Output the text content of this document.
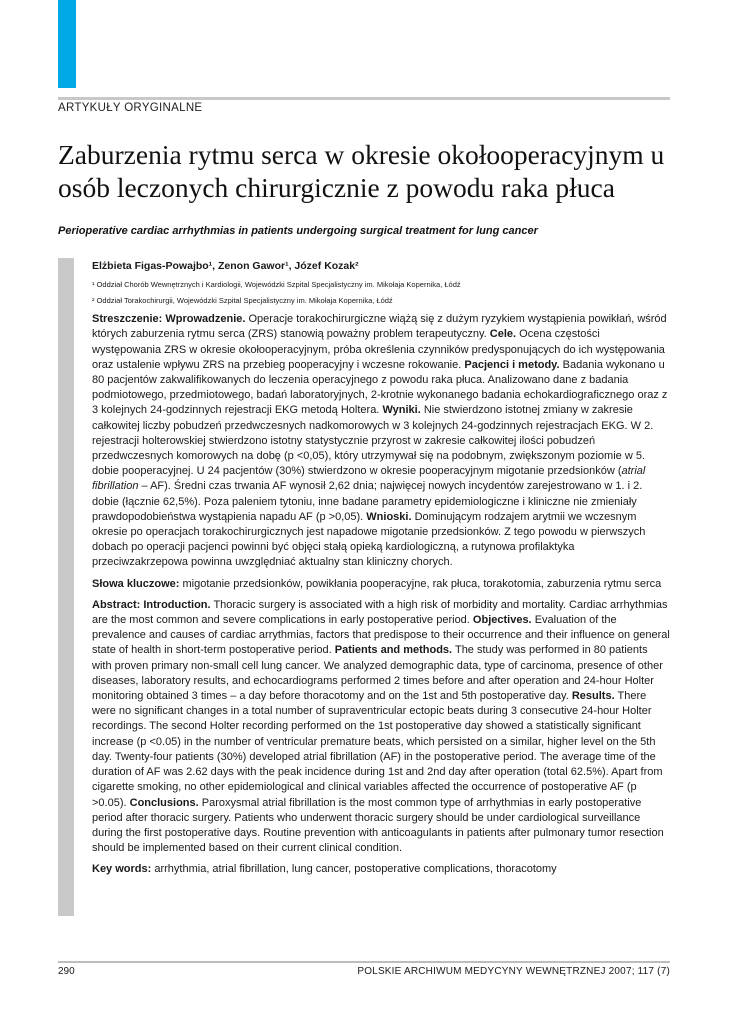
ARTYKUŁY ORYGINALNE
Zaburzenia rytmu serca w okresie okołooperacyjnym u osób leczonych chirurgicznie z powodu raka płuca
Perioperative cardiac arrhythmias in patients undergoing surgical treatment for lung cancer

Elżbieta Figas-Powajbo¹, Zenon Gawor¹, Józef Kozak²

¹ Oddział Chorób Wewnętrznych i Kardiologii, Wojewódzki Szpital Specjalistyczny im. Mikołaja Kopernika, Łódź

² Oddział Torakochirurgii, Wojewódzki Szpital Specjalistyczny im. Mikołaja Kopernika, Łódź

Streszczenie: Wprowadzenie. Operacje torakochirurgiczne wiążą się z dużym ryzykiem wystąpienia powikłań, wśród których zaburzenia rytmu serca (ZRS) stanowią poważny problem terapeutyczny. Cele. Ocena częstości występowania ZRS w okresie okołooperacyjnym, próba określenia czynników predysponujących do ich występowania oraz ustalenie wpływu ZRS na przebieg pooperacyjny i wczesne rokowanie. Pacjenci i metody. Badania wykonano u 80 pacjentów zakwalifikowanych do leczenia operacyjnego z powodu raka płuca. Analizowano dane z badania podmiotowego, przedmiotowego, badań laboratoryjnych, 2-krotnie wykonanego badania echokardiograficznego oraz z 3 kolejnych 24-godzinnych rejestracji EKG metodą Holtera. Wyniki. Nie stwierdzono istotnej zmiany w zakresie całkowitej liczby pobudzeń przedwczesnych nadkomorowych w 3 kolejnych 24-godzinnych rejestracjach EKG. W 2. rejestracji holterowskiej stwierdzono istotny statystycznie przyrost w zakresie całkowitej ilości pobudzeń przedwczesnych komorowych na dobę (p <0,05), który utrzymywał się na podobnym, zwiększonym poziomie w 5. dobie pooperacyjnej. U 24 pacjentów (30%) stwierdzono w okresie pooperacyjnym migotanie przedsionków (atrial fibrillation – AF). Średni czas trwania AF wynosił 2,62 dnia; najwięcej nowych incydentów zarejestrowano w 1. i 2. dobie (łącznie 62,5%). Poza paleniem tytoniu, inne badane parametry epidemiologiczne i kliniczne nie zmieniały prawdopodobieństwa wystąpienia napadu AF (p >0,05). Wnioski. Dominującym rodzajem arytmii we wczesnym okresie po operacjach torakochirurgicznych jest napadowe migotanie przedsionków. Z tego powodu w pierwszych dobach po operacji pacjenci powinni być objęci stałą opieką kardiologiczną, a rutynowa profilaktyka przeciwzakrzepowa powinna uwzględniać aktualny stan kliniczny chorych.

Słowa kluczowe: migotanie przedsionków, powikłania pooperacyjne, rak płuca, torakotomia, zaburzenia rytmu serca

Abstract: Introduction. Thoracic surgery is associated with a high risk of morbidity and mortality. Cardiac arrhythmias are the most common and severe complications in early postoperative period. Objectives. Evaluation of the prevalence and causes of cardiac arrythmias, factors that predispose to their occurrence and their influence on general state of health in short-term postoperative period. Patients and methods. The study was performed in 80 patients with proven primary non-small cell lung cancer. We analyzed demographic data, type of carcinoma, presence of other diseases, laboratory results, and echocardiograms performed 2 times before and after operation and 24-hour Holter monitoring obtained 3 times – a day before thoracotomy and on the 1st and 5th postoperative day. Results. There were no significant changes in a total number of supraventricular ectopic beats during 3 consecutive 24-hour Holter recordings. The second Holter recording performed on the 1st postoperative day showed a statistically significant increase (p <0.05) in the number of ventricular premature beats, which persisted on a similar, higher level on the 5th day. Twenty-four patients (30%) developed atrial fibrillation (AF) in the postoperative period. The average time of the duration of AF was 2.62 days with the peak incidence during 1st and 2nd day after operation (total 62.5%). Apart from cigarette smoking, no other epidemiological and clinical variables affected the occurrence of postoperative AF (p >0.05). Conclusions. Paroxysmal atrial fibrillation is the most common type of arrhythmias in early postoperative period after thoracic surgery. Patients who underwent thoracic surgery should be under cardiological surveillance during the first postoperative days. Routine prevention with anticoagulants in patients after pulmonary tumor resection should be implemented based on their current clinical condition.

Key words: arrhythmia, atrial fibrillation, lung cancer, postoperative complications, thoracotomy

290	POLSKIE ARCHIWUM MEDYCYNY WEWNĘTRZNEJ 2007; 117 (7)
